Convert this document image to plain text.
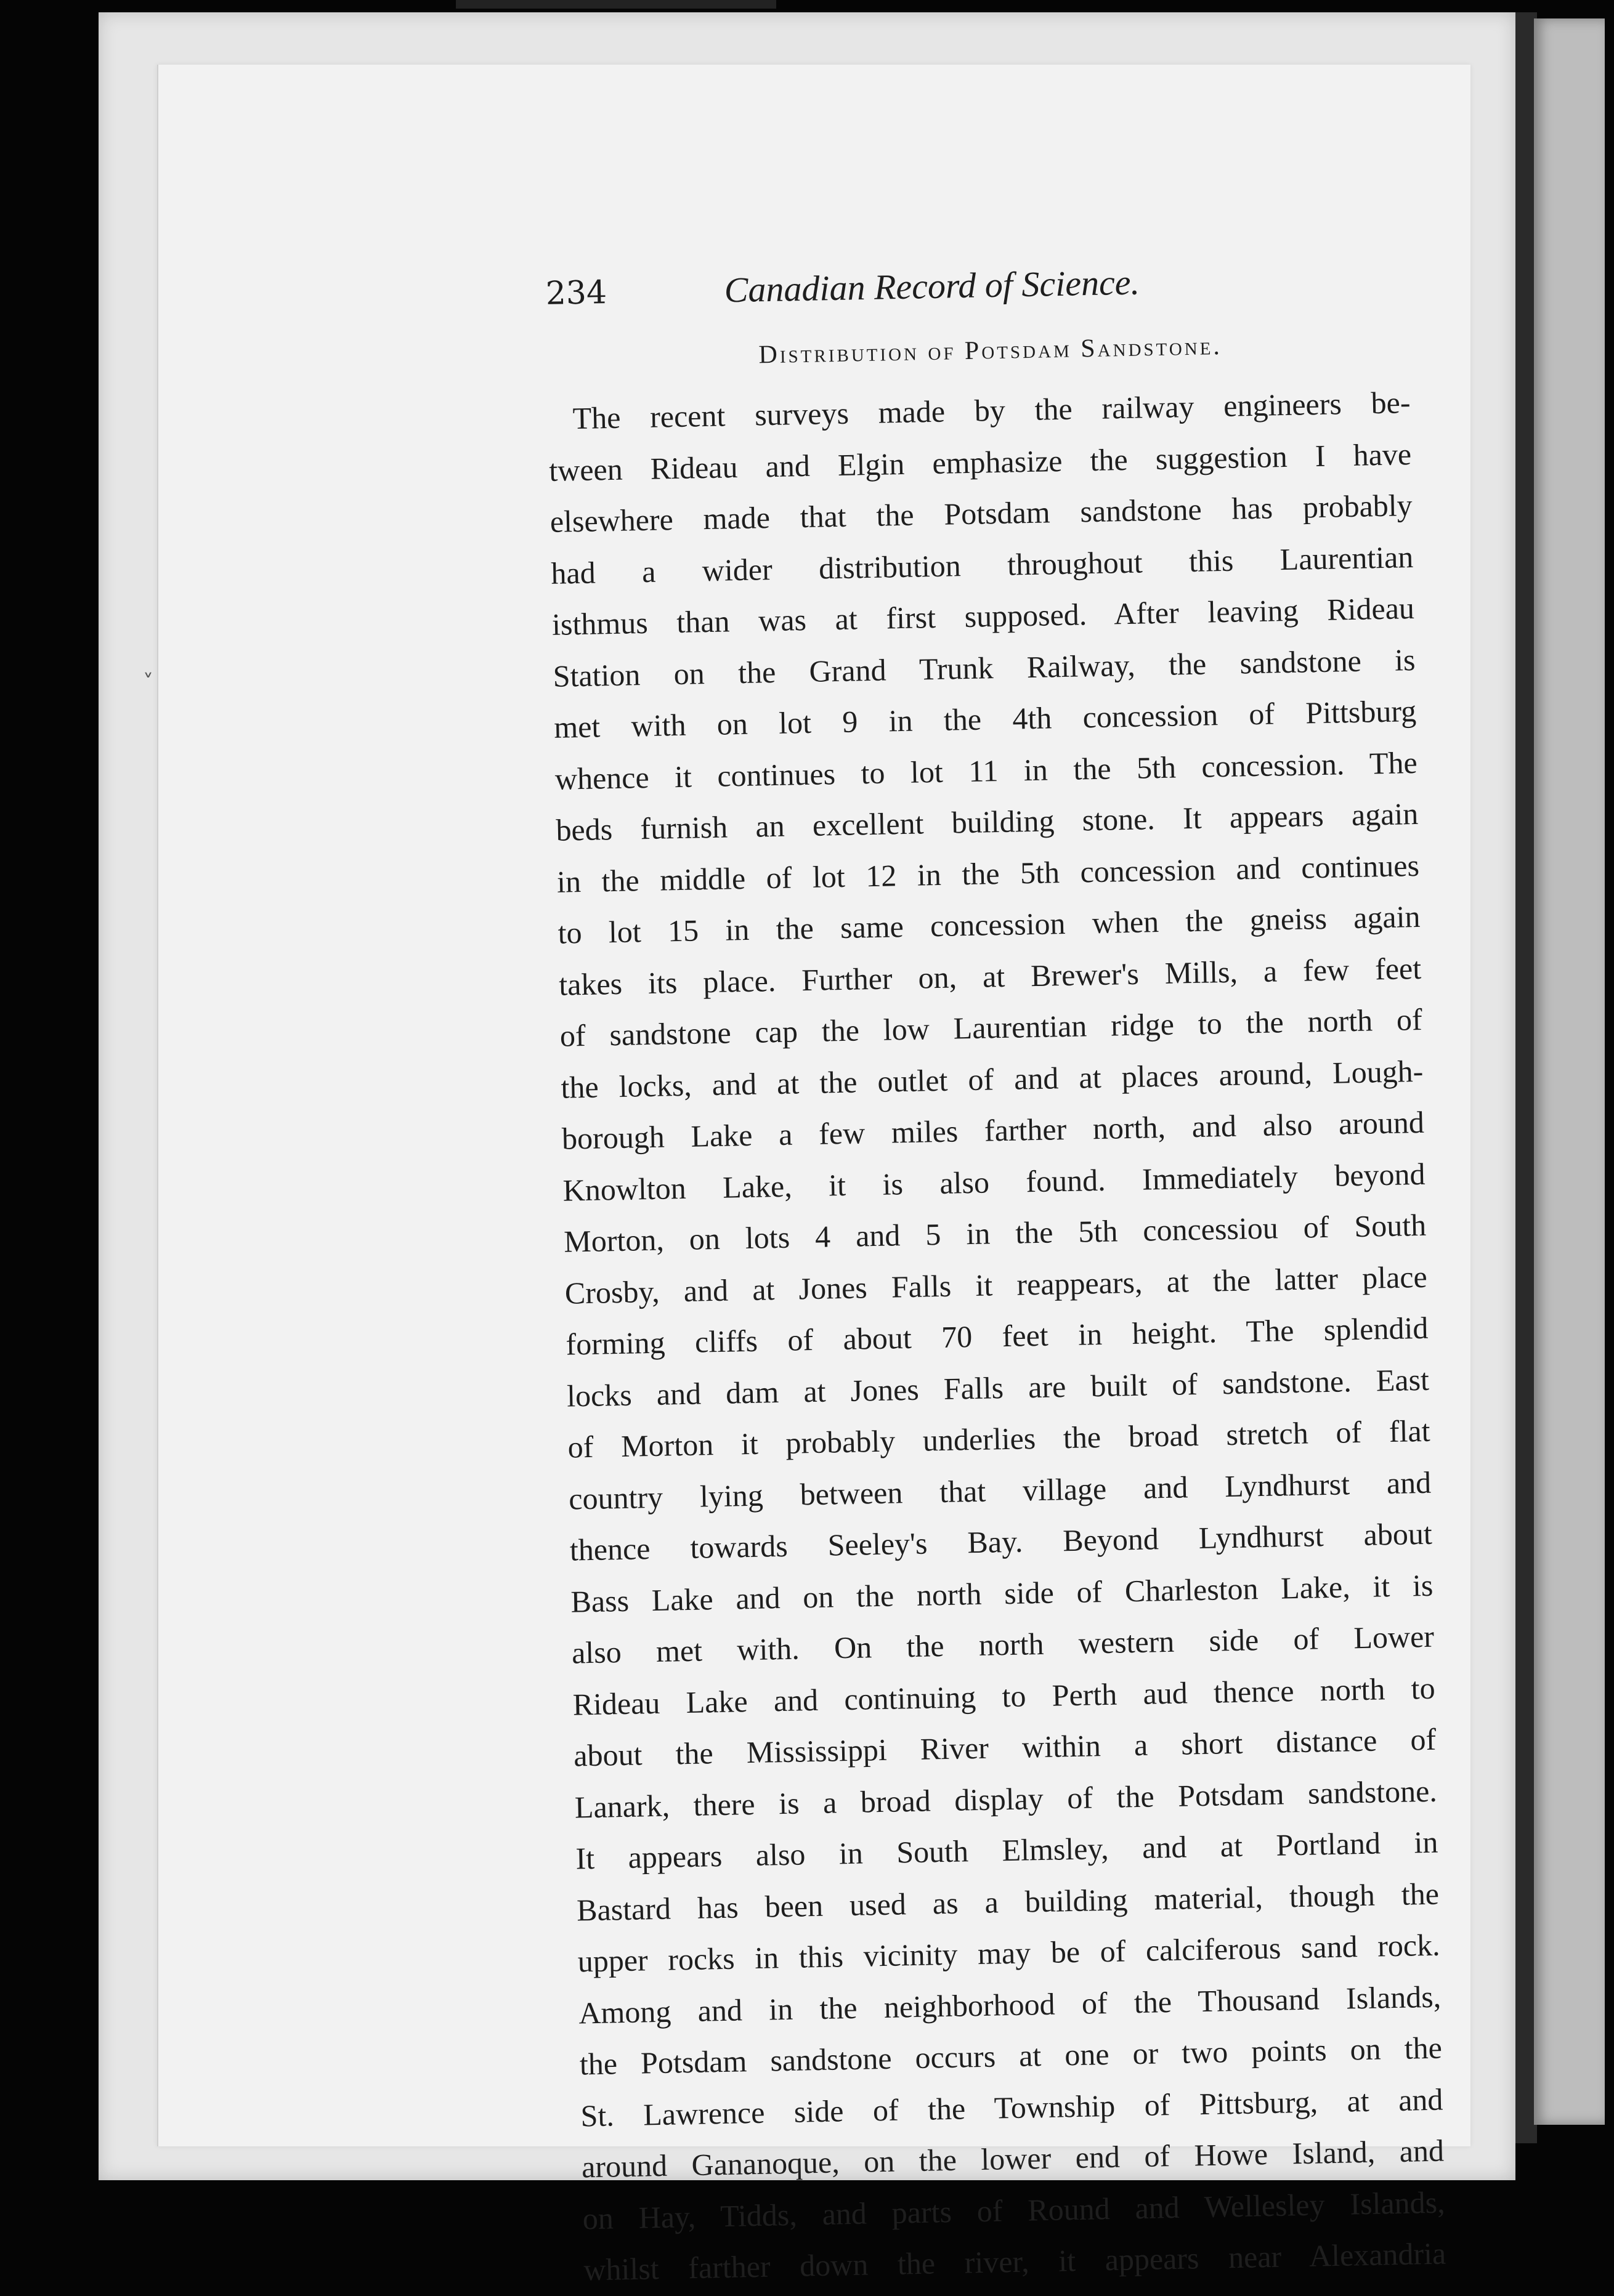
˅
234	Canadian Record of Science.
Distribution of Potsdam Sandstone.
The recent surveys made by the railway engineers be-
tween Rideau and Elgin emphasize the suggestion I have
elsewhere made that the Potsdam sandstone has probably
had a wider distribution throughout this Laurentian
isthmus than was at first supposed. After leaving Rideau
Station on the Grand Trunk Railway, the sandstone is
met with on lot 9 in the 4th concession of Pittsburg
whence it continues to lot 11 in the 5th concession. The
beds furnish an excellent building stone. It appears again
in the middle of lot 12 in the 5th concession and continues
to lot 15 in the same concession when the gneiss again
takes its place. Further on, at Brewer's Mills, a few feet
of sandstone cap the low Laurentian ridge to the north of
the locks, and at the outlet of and at places around, Lough-
borough Lake a few miles farther north, and also around
Knowlton Lake, it is also found. Immediately beyond
Morton, on lots 4 and 5 in the 5th concessiou of South
Crosby, and at Jones Falls it reappears, at the latter place
forming cliffs of about 70 feet in height. The splendid
locks and dam at Jones Falls are built of sandstone. East
of Morton it probably underlies the broad stretch of flat
country lying between that village and Lyndhurst and
thence towards Seeley's Bay. Beyond Lyndhurst about
Bass Lake and on the north side of Charleston Lake, it is
also met with. On the north western side of Lower
Rideau Lake and continuing to Perth aud thence north to
about the Mississippi River within a short distance of
Lanark, there is a broad display of the Potsdam sandstone.
It appears also in South Elmsley, and at Portland in
Bastard has been used as a building material, though the
upper rocks in this vicinity may be of calciferous sand rock.
Among and in the neighborhood of the Thousand Islands,
the Potsdam sandstone occurs at one or two points on the
St. Lawrence side of the Township of Pittsburg, at and
around Gananoque, on the lower end of Howe Island, and
on Hay, Tidds, and parts of Round and Wellesley Islands,
whilst farther down the river, it appears near Alexandria
